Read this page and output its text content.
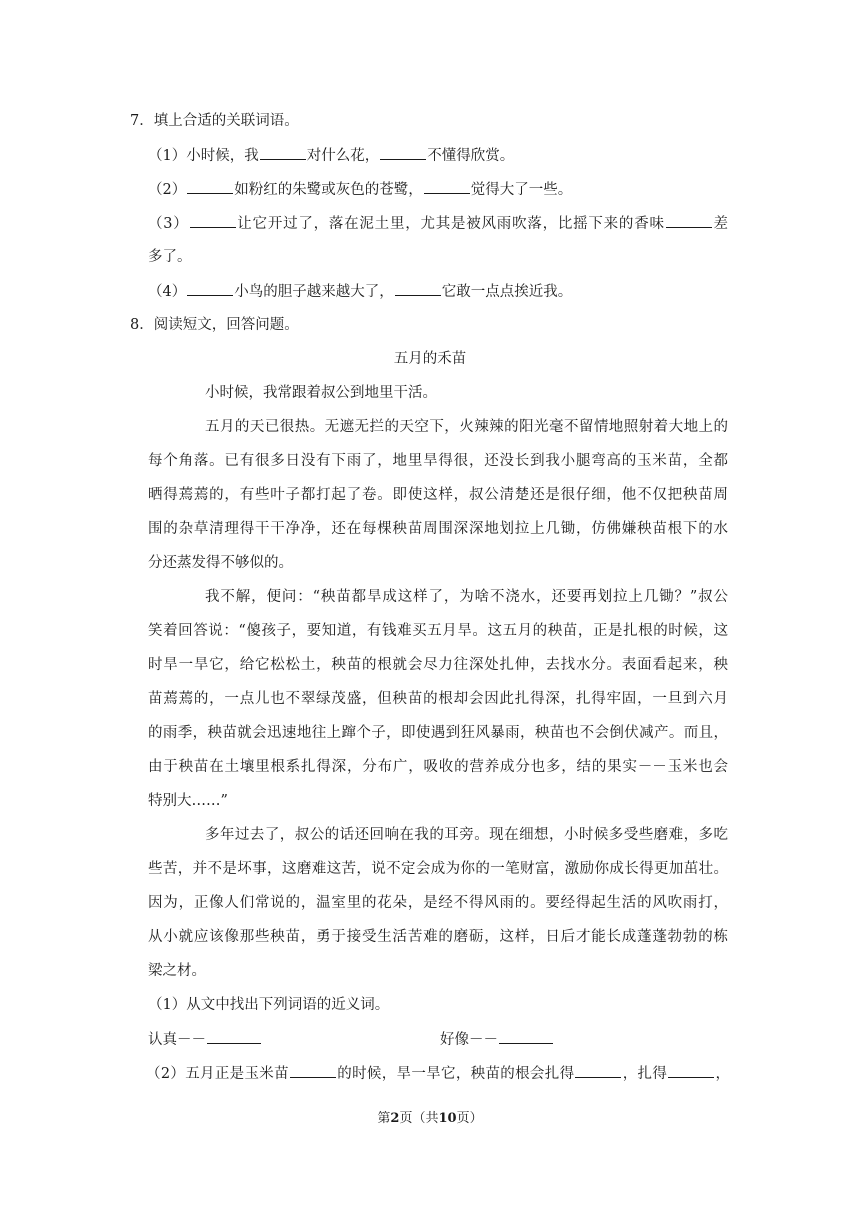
7．填上合适的关联词语。
（1）小时候，我	对什么花，	不懂得欣赏。
（2）	如粉红的朱鹭或灰色的苍鹭，	觉得大了一些。
（3）	让它开过了，落在泥土里，尤其是被风雨吹落，比摇下来的香味	差
多了。
（4）	小鸟的胆子越来越大了，	它敢一点点挨近我。
8．阅读短文，回答问题。
五月的禾苗
小时候，我常跟着叔公到地里干活。
五月的天已很热。无遮无拦的天空下，火辣辣的阳光毫不留情地照射着大地上的
每个角落。已有很多日没有下雨了，地里旱得很，还没长到我小腿弯高的玉米苗，全都
晒得蔫蔫的，有些叶子都打起了卷。即使这样，叔公清楚还是很仔细，他不仅把秧苗周
围的杂草清理得干干净净，还在每棵秧苗周围深深地划拉上几锄，仿佛嫌秧苗根下的水
分还蒸发得不够似的。
我不解，便问：“秧苗都旱成这样了，为啥不浇水，还要再划拉上几锄？”叔公
笑着回答说：“傻孩子，要知道，有钱难买五月旱。这五月的秧苗，正是扎根的时候，这
时旱一旱它，给它松松土，秧苗的根就会尽力往深处扎伸，去找水分。表面看起来，秧
苗蔫蔫的，一点儿也不翠绿茂盛，但秧苗的根却会因此扎得深，扎得牢固，一旦到六月
的雨季，秧苗就会迅速地往上蹿个子，即使遇到狂风暴雨，秧苗也不会倒伏减产。而且，
由于秧苗在土壤里根系扎得深，分布广，吸收的营养成分也多，结的果实－－玉米也会
特别大……”
多年过去了，叔公的话还回响在我的耳旁。现在细想，小时候多受些磨难，多吃
些苦，并不是坏事，这磨难这苦，说不定会成为你的一笔财富，激励你成长得更加茁壮。
因为，正像人们常说的，温室里的花朵，是经不得风雨的。要经得起生活的风吹雨打，
从小就应该像那些秧苗，勇于接受生活苦难的磨砺，这样，日后才能长成蓬蓬勃勃的栋
梁之材。
（1）从文中找出下列词语的近义词。
认真－－	好像－－
（2）五月正是玉米苗	的时候，旱一旱它，秧苗的根会扎得	，扎得	，
第2页（共10页）
